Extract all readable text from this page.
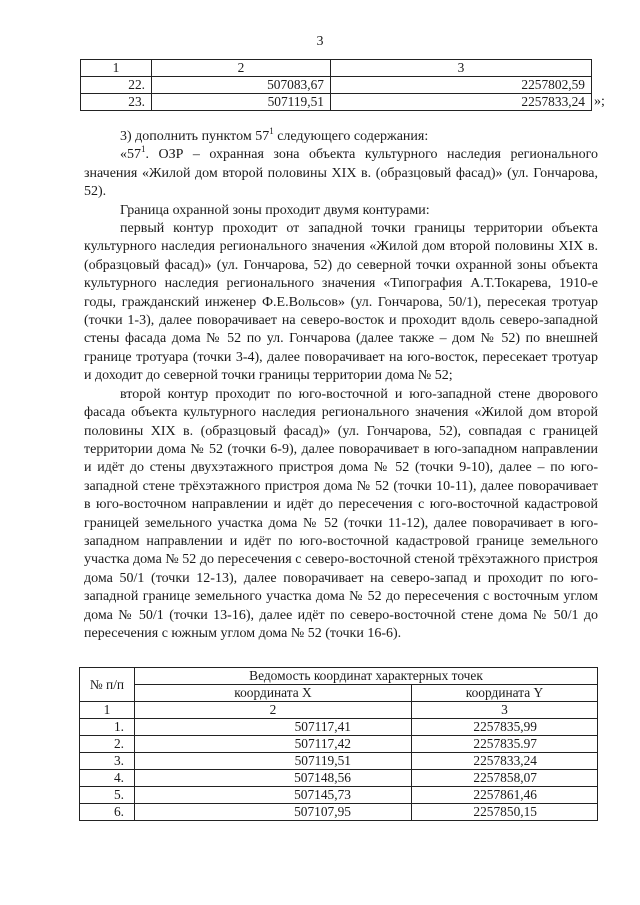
3
1	2	3
22.	507083,67	2257802,59
23.	507119,51	2257833,24 »;

3) дополнить пунктом $57^1$ следующего содержания:

«$57^1$. ОЗР – охранная зона объекта культурного наследия регионального значения «Жилой дом второй половины XIX в. (образцовый фасад)» (ул. Гончарова, 52).

Граница охранной зоны проходит двумя контурами:

первый контур проходит от западной точки границы территории объекта культурного наследия регионального значения «Жилой дом второй половины XIX в. (образцовый фасад)» (ул. Гончарова, 52) до северной точки охранной зоны объекта культурного наследия регионального значения «Типография А.Т.Токарева, 1910-е годы, гражданский инженер Ф.Е.Вольсов» (ул. Гончарова, 50/1), пересекая тротуар (точки 1-3), далее поворачивает на северо-восток и проходит вдоль северо-западной стены фасада дома № 52 по ул. Гончарова (далее также – дом № 52) по внешней границе тротуара (точки 3-4), далее поворачивает на юго-восток, пересекает тротуар и доходит до северной точки границы территории дома № 52;

второй контур проходит по юго-восточной и юго-западной стене дворового фасада объекта культурного наследия регионального значения «Жилой дом второй половины XIX в. (образцовый фасад)» (ул. Гончарова, 52), совпадая с границей территории дома № 52 (точки 6-9), далее поворачивает в юго-западном направлении и идёт до стены двухэтажного пристроя дома № 52 (точки 9-10), далее – по юго-западной стене трёхэтажного пристроя дома № 52 (точки 10-11), далее поворачивает в юго-восточном направлении и идёт до пересечения с юго-восточной кадастровой границей земельного участка дома № 52 (точки 11-12), далее поворачивает в юго-западном направлении и идёт по юго-восточной кадастровой границе земельного участка дома № 52 до пересечения с северо-восточной стеной трёхэтажного пристроя дома 50/1 (точки 12-13), далее поворачивает на северо-запад и проходит по юго-западной границе земельного участка дома № 52 до пересечения с восточным углом дома № 50/1 (точки 13-16), далее идёт по северо-восточной стене дома № 50/1 до пересечения с южным углом дома № 52 (точки 16-6).

№ п/п	Ведомость координат характерных точек	
	координата X	координата Y
1	2	3
1.	507117,41	2257835,99
2.	507117,42	2257835.97
3.	507119,51	2257833,24
4.	507148,56	2257858,07
5.	507145,73	2257861,46
6.	507107,95	2257850,15
